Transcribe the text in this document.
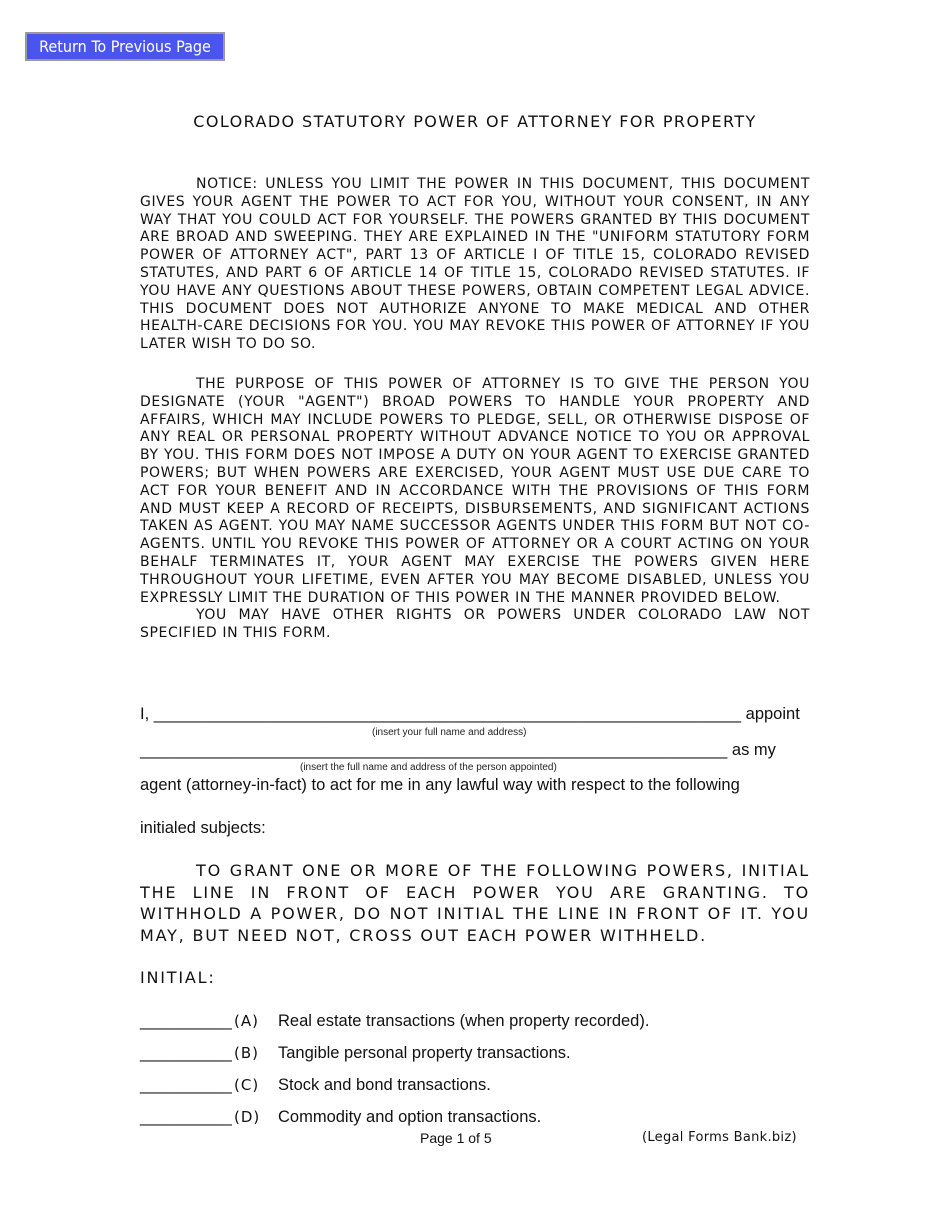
Return To Previous Page
COLORADO STATUTORY POWER OF ATTORNEY FOR PROPERTY

NOTICE: UNLESS YOU LIMIT THE POWER IN THIS DOCUMENT, THIS DOCUMENT GIVES YOUR AGENT THE POWER TO ACT FOR YOU, WITHOUT YOUR CONSENT, IN ANY WAY THAT YOU COULD ACT FOR YOURSELF. THE POWERS GRANTED BY THIS DOCUMENT ARE BROAD AND SWEEPING. THEY ARE EXPLAINED IN THE "UNIFORM STATUTORY FORM POWER OF ATTORNEY ACT", PART 13 OF ARTICLE I OF TITLE 15, COLORADO REVISED STATUTES, AND PART 6 OF ARTICLE 14 OF TITLE 15, COLORADO REVISED STATUTES. IF YOU HAVE ANY QUESTIONS ABOUT THESE POWERS, OBTAIN COMPETENT LEGAL ADVICE. THIS DOCUMENT DOES NOT AUTHORIZE ANYONE TO MAKE MEDICAL AND OTHER HEALTH-CARE DECISIONS FOR YOU. YOU MAY REVOKE THIS POWER OF ATTORNEY IF YOU LATER WISH TO DO SO.

THE PURPOSE OF THIS POWER OF ATTORNEY IS TO GIVE THE PERSON YOU DESIGNATE (YOUR "AGENT") BROAD POWERS TO HANDLE YOUR PROPERTY AND AFFAIRS, WHICH MAY INCLUDE POWERS TO PLEDGE, SELL, OR OTHERWISE DISPOSE OF ANY REAL OR PERSONAL PROPERTY WITHOUT ADVANCE NOTICE TO YOU OR APPROVAL BY YOU. THIS FORM DOES NOT IMPOSE A DUTY ON YOUR AGENT TO EXERCISE GRANTED POWERS; BUT WHEN POWERS ARE EXERCISED, YOUR AGENT MUST USE DUE CARE TO ACT FOR YOUR BENEFIT AND IN ACCORDANCE WITH THE PROVISIONS OF THIS FORM AND MUST KEEP A RECORD OF RECEIPTS, DISBURSEMENTS, AND SIGNIFICANT ACTIONS TAKEN AS AGENT. YOU MAY NAME SUCCESSOR AGENTS UNDER THIS FORM BUT NOT CO-AGENTS. UNTIL YOU REVOKE THIS POWER OF ATTORNEY OR A COURT ACTING ON YOUR BEHALF TERMINATES IT, YOUR AGENT MAY EXERCISE THE POWERS GIVEN HERE THROUGHOUT YOUR LIFETIME, EVEN AFTER YOU MAY BECOME DISABLED, UNLESS YOU EXPRESSLY LIMIT THE DURATION OF THIS POWER IN THE MANNER PROVIDED BELOW.

YOU MAY HAVE OTHER RIGHTS OR POWERS UNDER COLORADO LAW NOT SPECIFIED IN THIS FORM.

I, ________________________________________________________________ appoint
(insert your full name and address)
________________________________________________________________ as my
(insert the full name and address of the person appointed)
agent (attorney-in-fact) to act for me in any lawful way with respect to the following
initialed subjects:
TO GRANT ONE OR MORE OF THE FOLLOWING POWERS, INITIAL THE LINE IN FRONT OF EACH POWER YOU ARE GRANTING. TO WITHHOLD A POWER, DO NOT INITIAL THE LINE IN FRONT OF IT. YOU MAY, BUT NEED NOT, CROSS OUT EACH POWER WITHHELD.
INITIAL:
__________ (A) Real estate transactions (when property recorded).
__________ (B) Tangible personal property transactions.
__________ (C) Stock and bond transactions.
__________ (D) Commodity and option transactions.
Page 1 of 5	(Legal Forms Bank.biz)
